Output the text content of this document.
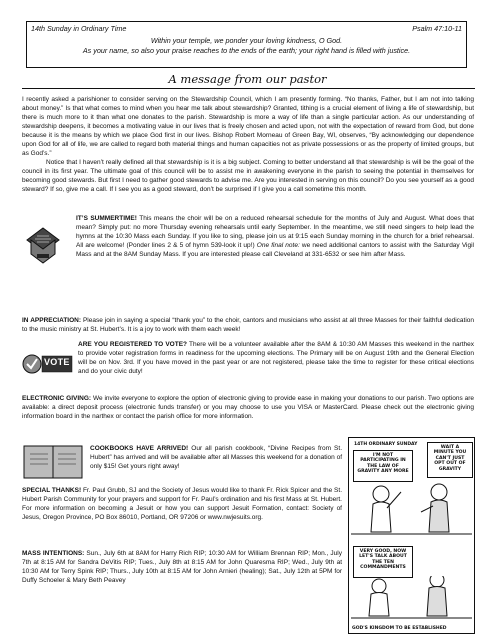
14th Sunday in Ordinary Time	Psalm 47:10-11
Within your temple, we ponder your loving kindness, O God.
As your name, so also your praise reaches to the ends of the earth; your right hand is filled with justice.
A message from our pastor

I recently asked a parishioner to consider serving on the Stewardship Council, which I am presently forming. “No thanks, Father, but I am not into talking about money.” Is that what comes to mind when you hear me talk about stewardship? Granted, tithing is a crucial element of living a life of stewardship, but there is much more to it than what one donates to the parish. Stewardship is more a way of life than a single particular action. As our understanding of stewardship deepens, it becomes a motivating value in our lives that is freely chosen and acted upon, not with the expectation of reward from God, but done because it is the means by which we place God first in our lives. Bishop Robert Morneau of Green Bay, WI, observes, “By acknowledging our dependence upon God for all of life, we are called to regard both material things and human capacities not as private possessions or as the property of limited groups, but as God’s.”

Notice that I haven’t really defined all that stewardship is it is a big subject. Coming to better understand all that stewardship is will be the goal of the council in its first year. The ultimate goal of this council will be to assist me in awakening everyone in the parish to seeing the potential in themselves for becoming good stewards. But first I need to gather good stewards to advise me. Are you interested in serving on this council? Do you see yourself as a good steward? If so, give me a call. If I see you as a good steward, don’t be surprised if I give you a call sometime this month.

IT’S SUMMERTIME! This means the choir will be on a reduced rehearsal schedule for the months of July and August. What does that mean? Simply put: no more Thursday evening rehearsals until early September. In the meantime, we still need singers to help lead the hymns at the 10:30 Mass each Sunday. If you like to sing, please join us at 9:15 each Sunday morning in the church for a brief rehearsal. All are welcome! (Ponder lines 2 & 5 of hymn 539-look it up!) One final note: we need additional cantors to assist with the Saturday Vigil Mass and at the 8AM Sunday Mass. If you are interested please call Cleveland at 331-6532 or see him after Mass.
IN APPRECIATION: Please join in saying a special “thank you” to the choir, cantors and musicians who assist at all three Masses for their faithful dedication to the music ministry at St. Hubert’s. It is a joy to work with them each week!
VOTE
ARE YOU REGISTERED TO VOTE? There will be a volunteer available after the 8AM & 10:30 AM Masses this weekend in the narthex to provide voter registration forms in readiness for the upcoming elections. The Primary will be on August 19th and the General Election will be on Nov. 3rd. If you have moved in the past year or are not registered, please take the time to register for these critical elections and do your civic duty!
ELECTRONIC GIVING: We invite everyone to explore the option of electronic giving to provide ease in making your donations to our parish. Two options are available: a direct deposit process (electronic funds transfer) or you may choose to use you VISA or MasterCard. Please check out the electronic giving information board in the narthex or contact the parish office for more information.
COOKBOOKS HAVE ARRIVED! Our all parish cookbook, “Divine Recipes from St. Hubert” has arrived and will be available after all Masses this weekend for a donation of only $15! Get yours right away!
SPECIAL THANKS! Fr. Paul Grubb, SJ and the Society of Jesus would like to thank Fr. Rick Spicer and the St. Hubert Parish Community for your prayers and support for Fr. Paul’s ordination and his first Mass at St. Hubert. For more information on becoming a Jesuit or how you can support Jesuit Formation, contact: Society of Jesus, Oregon Province, PO Box 86010, Portland, OR 97206 or www.nwjesuits.org.
MASS INTENTIONS: Sun., July 6th at 8AM for Harry Rich RIP; 10:30 AM for William Brennan RIP; Mon., July 7th at 8:15 AM for Sandra DeVitis RIP; Tues., July 8th at 8:15 AM for John Quaresma RIP; Wed., July 9th at 10:30 AM for Terry Spink RIP; Thurs., July 10th at 8:15 AM for John Arnieri (healing); Sat., July 12th at 5PM for Duffy Schoeler & Mary Beth Peavey
14TH ORDINARY SUNDAY
I'M NOT PARTICIPATING IN THE LAW OF GRAVITY ANY MORE
WAIT A MINUTE YOU CAN'T JUST OPT OUT OF GRAVITY
VERY GOOD, NOW LET'S TALK ABOUT THE TEN COMMANDMENTS
GOD'S KINGDOM TO BE ESTABLISHED
